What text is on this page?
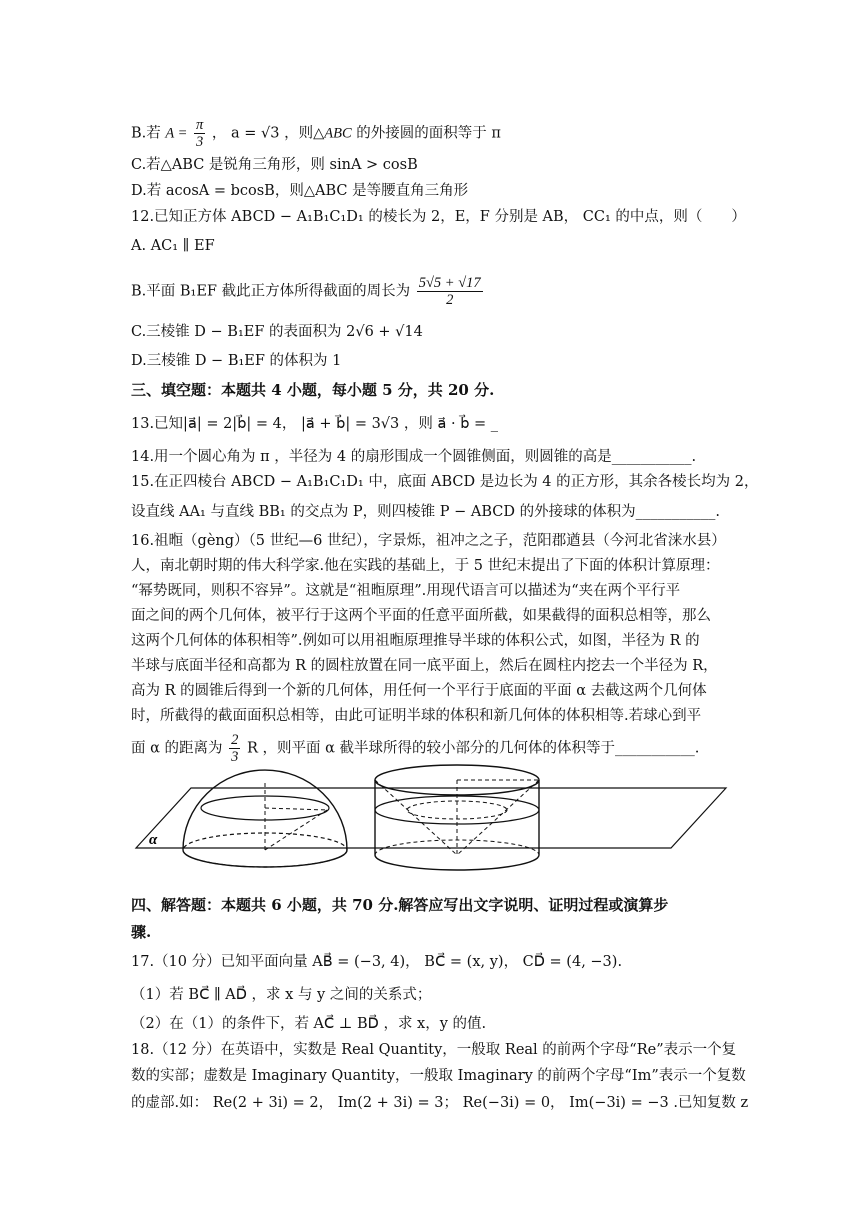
B.若 $A = \frac{\pi}{3}$ ， a = √3 ，则△ABC 的外接圆的面积等于 π
C.若△ABC 是锐角三角形，则 sinA > cosB
D.若 acosA = bcosB，则△ABC 是等腰直角三角形
12.已知正方体 ABCD − A₁B₁C₁D₁ 的棱长为 2，E，F 分别是 AB， CC₁ 的中点，则（　　）
A. AC₁ ∥ EF
B.平面 B₁EF 截此正方体所得截面的周长为 $\frac{5√5 + √17}{2}$
C.三棱锥 D − B₁EF 的表面积为 2√6 + √14
D.三棱锥 D − B₁EF 的体积为 1
三、填空题：本题共 4 小题，每小题 5 分，共 20 分.
13.已知|a⃗| = 2|b⃗| = 4， |a⃗ + b⃗| = 3√3 ，则 a⃗ · b⃗ = _
14.用一个圆心角为 π ，半径为 4 的扇形围成一个圆锥侧面，则圆锥的高是___________.
15.在正四棱台 ABCD − A₁B₁C₁D₁ 中，底面 ABCD 是边长为 4 的正方形，其余各棱长均为 2，
设直线 AA₁ 与直线 BB₁ 的交点为 P，则四棱锥 P − ABCD 的外接球的体积为___________.
16.祖暅（gèng）（5 世纪—6 世纪），字景烁，祖冲之之子，范阳郡遒县（今河北省涞水县）
人，南北朝时期的伟大科学家.他在实践的基础上，于 5 世纪末提出了下面的体积计算原理：
“幂势既同，则积不容异”。这就是“祖暅原理”.用现代语言可以描述为“夹在两个平行平
面之间的两个几何体，被平行于这两个平面的任意平面所截，如果截得的面积总相等，那么
这两个几何体的体积相等”.例如可以用祖暅原理推导半球的体积公式，如图，半径为 R 的
半球与底面半径和高都为 R 的圆柱放置在同一底平面上，然后在圆柱内挖去一个半径为 R，
高为 R 的圆锥后得到一个新的几何体，用任何一个平行于底面的平面 α 去截这两个几何体
时，所截得的截面面积总相等，由此可证明半球的体积和新几何体的体积相等.若球心到平
面 α 的距离为 $\frac{2}{3}$ R ，则平面 α 截半球所得的较小部分的几何体的体积等于___________.
α
四、解答题：本题共 6 小题，共 70 分.解答应写出文字说明、证明过程或演算步
骤.
17.（10 分）已知平面向量 AB⃗ = (−3, 4)， BC⃗ = (x, y)， CD⃗ = (4, −3).
（1）若 BC⃗ ∥ AD⃗ ，求 x 与 y 之间的关系式；
（2）在（1）的条件下，若 AC⃗ ⊥ BD⃗ ，求 x，y 的值.
18.（12 分）在英语中，实数是 Real Quantity，一般取 Real 的前两个字母“Re”表示一个复
数的实部；虚数是 Imaginary Quantity，一般取 Imaginary 的前两个字母“Im”表示一个复数
的虚部.如： Re(2 + 3i) = 2， Im(2 + 3i) = 3； Re(−3i) = 0， Im(−3i) = −3 .已知复数 z
